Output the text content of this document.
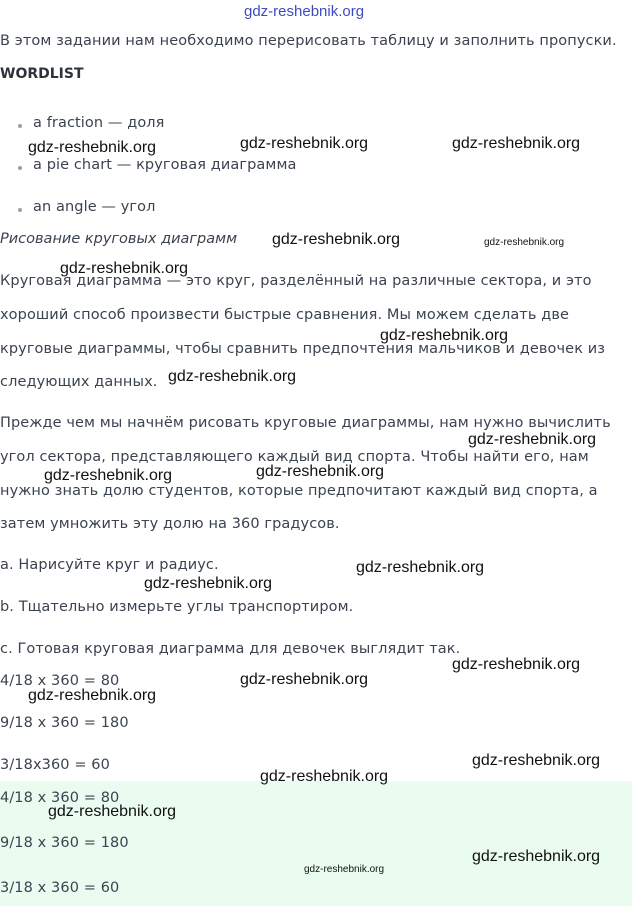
gdz-reshebnik.org
В этом задании нам необходимо перерисовать таблицу и заполнить пропуски.
WORDLIST
a fraction — доля
a pie chart — круговая диаграмма
an angle — угол
Рисование круговых диаграмм
Круговая диаграмма — это круг, разделённый на различные сектора, и это
хороший способ произвести быстрые сравнения. Мы можем сделать две
круговые диаграммы, чтобы сравнить предпочтения мальчиков и девочек из
следующих данных.
Прежде чем мы начнём рисовать круговые диаграммы, нам нужно вычислить
угол сектора, представляющего каждый вид спорта. Чтобы найти его, нам
нужно знать долю студентов, которые предпочитают каждый вид спорта, а
затем умножить эту долю на 360 градусов.
a. Нарисуйте круг и радиус.
b. Тщательно измерьте углы транспортиром.
c. Готовая круговая диаграмма для девочек выглядит так.
4/18 x 360 = 80
9/18 x 360 = 180
3/18x360 = 60
4/18 x 360 = 80
9/18 x 360 = 180
3/18 x 360 = 60
gdz-reshebnik.org	gdz-reshebnik.org
gdz-reshebnik.org
gdz-reshebnik.org	gdz-reshebnik.org
gdz-reshebnik.org
gdz-reshebnik.org
gdz-reshebnik.org
gdz-reshebnik.org
gdz-reshebnik.org	gdz-reshebnik.org
gdz-reshebnik.org
gdz-reshebnik.org
gdz-reshebnik.org
gdz-reshebnik.org
gdz-reshebnik.org
gdz-reshebnik.org
gdz-reshebnik.org
gdz-reshebnik.org
gdz-reshebnik.org
gdz-reshebnik.org
